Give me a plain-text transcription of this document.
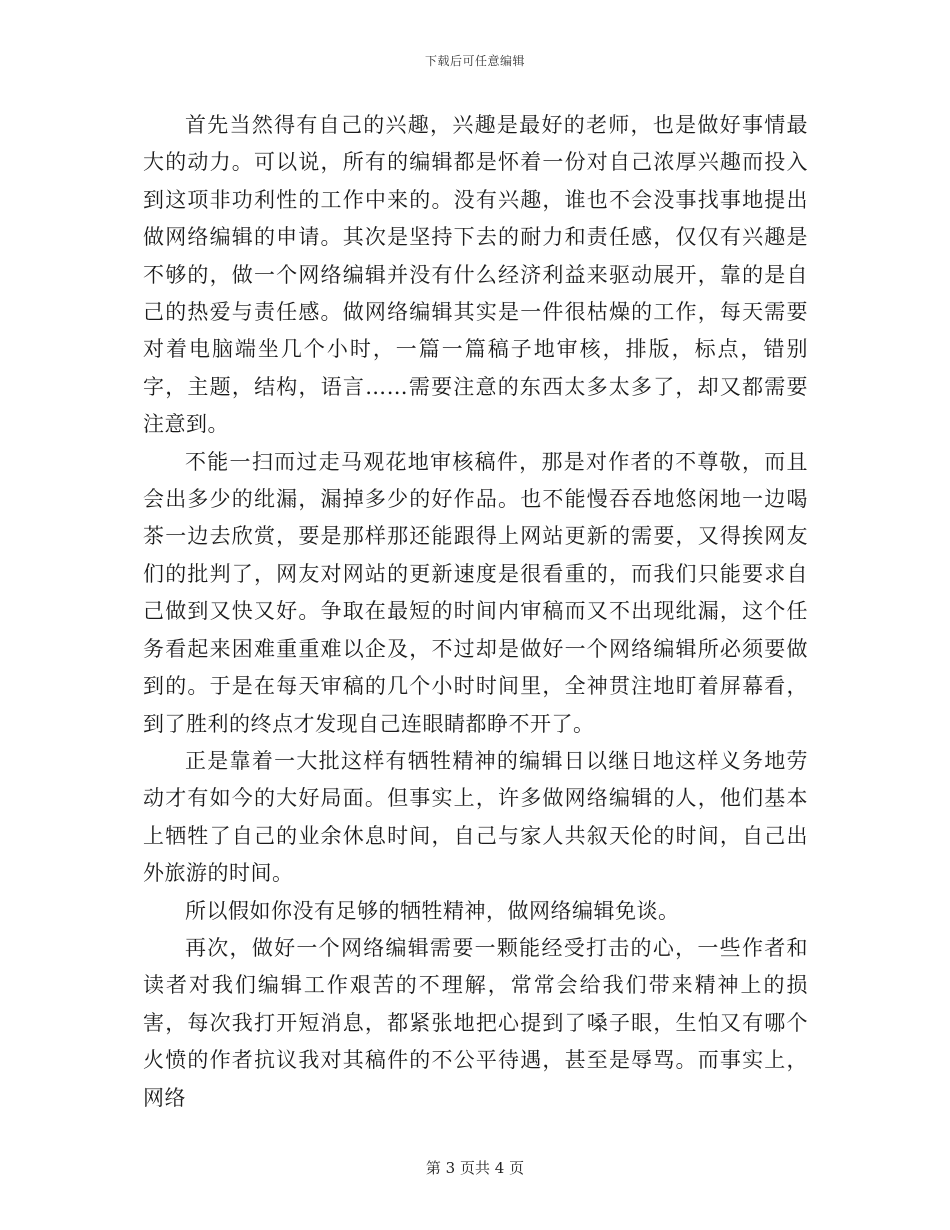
下载后可任意编辑

首先当然得有自己的兴趣，兴趣是最好的老师，也是做好事情最大的动力。可以说，所有的编辑都是怀着一份对自己浓厚兴趣而投入到这项非功利性的工作中来的。没有兴趣，谁也不会没事找事地提出做网络编辑的申请。其次是坚持下去的耐力和责任感，仅仅有兴趣是不够的，做一个网络编辑并没有什么经济利益来驱动展开，靠的是自己的热爱与责任感。做网络编辑其实是一件很枯燥的工作，每天需要对着电脑端坐几个小时，一篇一篇稿子地审核，排版，标点，错别字，主题，结构，语言……需要注意的东西太多太多了，却又都需要注意到。

不能一扫而过走马观花地审核稿件，那是对作者的不尊敬，而且会出多少的纰漏，漏掉多少的好作品。也不能慢吞吞地悠闲地一边喝茶一边去欣赏，要是那样那还能跟得上网站更新的需要，又得挨网友们的批判了，网友对网站的更新速度是很看重的，而我们只能要求自己做到又快又好。争取在最短的时间内审稿而又不出现纰漏，这个任务看起来困难重重难以企及，不过却是做好一个网络编辑所必须要做到的。于是在每天审稿的几个小时时间里，全神贯注地盯着屏幕看，到了胜利的终点才发现自己连眼睛都睁不开了。

正是靠着一大批这样有牺牲精神的编辑日以继日地这样义务地劳动才有如今的大好局面。但事实上，许多做网络编辑的人，他们基本上牺牲了自己的业余休息时间，自己与家人共叙天伦的时间，自己出外旅游的时间。

所以假如你没有足够的牺牲精神，做网络编辑免谈。

再次，做好一个网络编辑需要一颗能经受打击的心，一些作者和读者对我们编辑工作艰苦的不理解，常常会给我们带来精神上的损害，每次我打开短消息，都紧张地把心提到了嗓子眼，生怕又有哪个火愤的作者抗议我对其稿件的不公平待遇，甚至是辱骂。而事实上，网络

第 3 页共 4 页
